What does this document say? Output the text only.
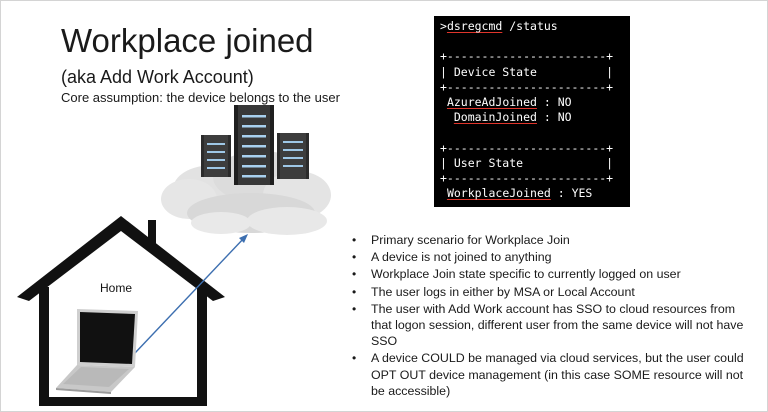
Workplace joined
(aka Add Work Account)
Core assumption: the device belongs to the user
Home
>dsregcmd /status

+-----------------------+
| Device State          |
+-----------------------+
AzureAdJoined : NO
DomainJoined : NO

+-----------------------+
| User State            |
+-----------------------+
WorkplaceJoined : YES
• Primary scenario for Workplace Join
• A device is not joined to anything
• Workplace Join state specific to currently logged on user
• The user logs in either by MSA or Local Account
• The user with Add Work account has SSO to cloud resources from that logon session, different user from the same device will not have SSO
• A device COULD be managed via cloud services, but the user could OPT OUT device management (in this case SOME resource will not be accessible)
